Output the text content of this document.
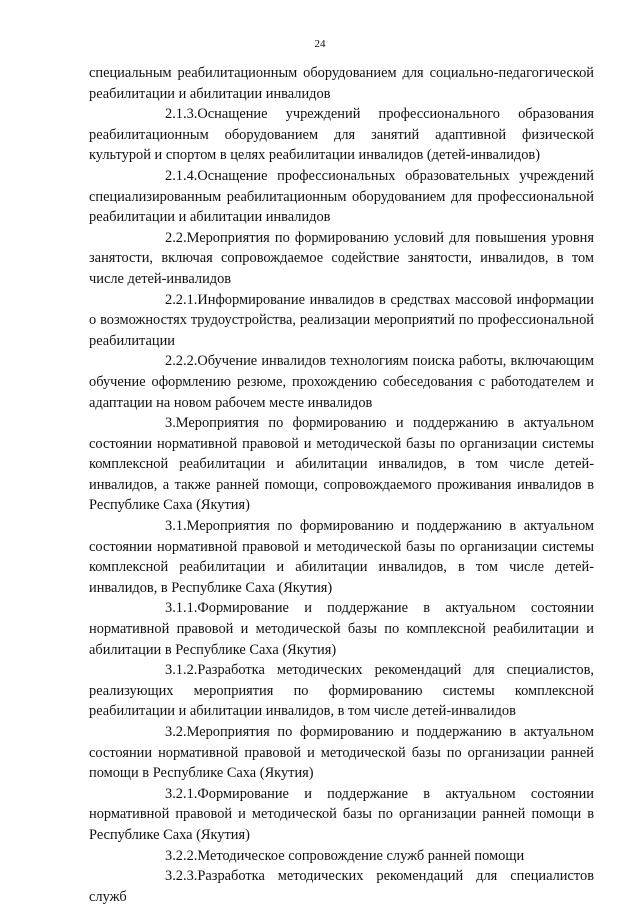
24

специальным реабилитационным оборудованием для социально-педагогической реабилитации и абилитации инвалидов

2.1.3.Оснащение учреждений профессионального образования реабилитационным оборудованием для занятий адаптивной физической культурой и спортом в целях реабилитации инвалидов (детей-инвалидов)

2.1.4.Оснащение профессиональных образовательных учреждений специализированным реабилитационным оборудованием для профессиональной реабилитации и абилитации инвалидов

2.2.Мероприятия по формированию условий для повышения уровня занятости, включая сопровождаемое содействие занятости, инвалидов, в том числе детей-инвалидов

2.2.1.Информирование инвалидов в средствах массовой информации о возможностях трудоустройства, реализации мероприятий по профессиональной реабилитации

2.2.2.Обучение инвалидов технологиям поиска работы, включающим обучение оформлению резюме, прохождению собеседования с работодателем и адаптации на новом рабочем месте инвалидов

3.Мероприятия по формированию и поддержанию в актуальном состоянии нормативной правовой и методической базы по организации системы комплексной реабилитации и абилитации инвалидов, в том числе детей-инвалидов, а также ранней помощи, сопровождаемого проживания инвалидов в Республике Саха (Якутия)

3.1.Мероприятия по формированию и поддержанию в актуальном состоянии нормативной правовой и методической базы по организации системы комплексной реабилитации и абилитации инвалидов, в том числе детей-инвалидов, в Республике Саха (Якутия)

3.1.1.Формирование и поддержание в актуальном состоянии нормативной правовой и методической базы по комплексной реабилитации и абилитации в Республике Саха (Якутия)

3.1.2.Разработка методических рекомендаций для специалистов, реализующих мероприятия по формированию системы комплексной реабилитации и абилитации инвалидов, в том числе детей-инвалидов

3.2.Мероприятия по формированию и поддержанию в актуальном состоянии нормативной правовой и методической базы по организации ранней помощи в Республике Саха (Якутия)

3.2.1.Формирование и поддержание в актуальном состоянии нормативной правовой и методической базы по организации ранней помощи в Республике Саха (Якутия)

3.2.2.Методическое сопровождение служб ранней помощи

3.2.3.Разработка методических рекомендаций для специалистов служб
